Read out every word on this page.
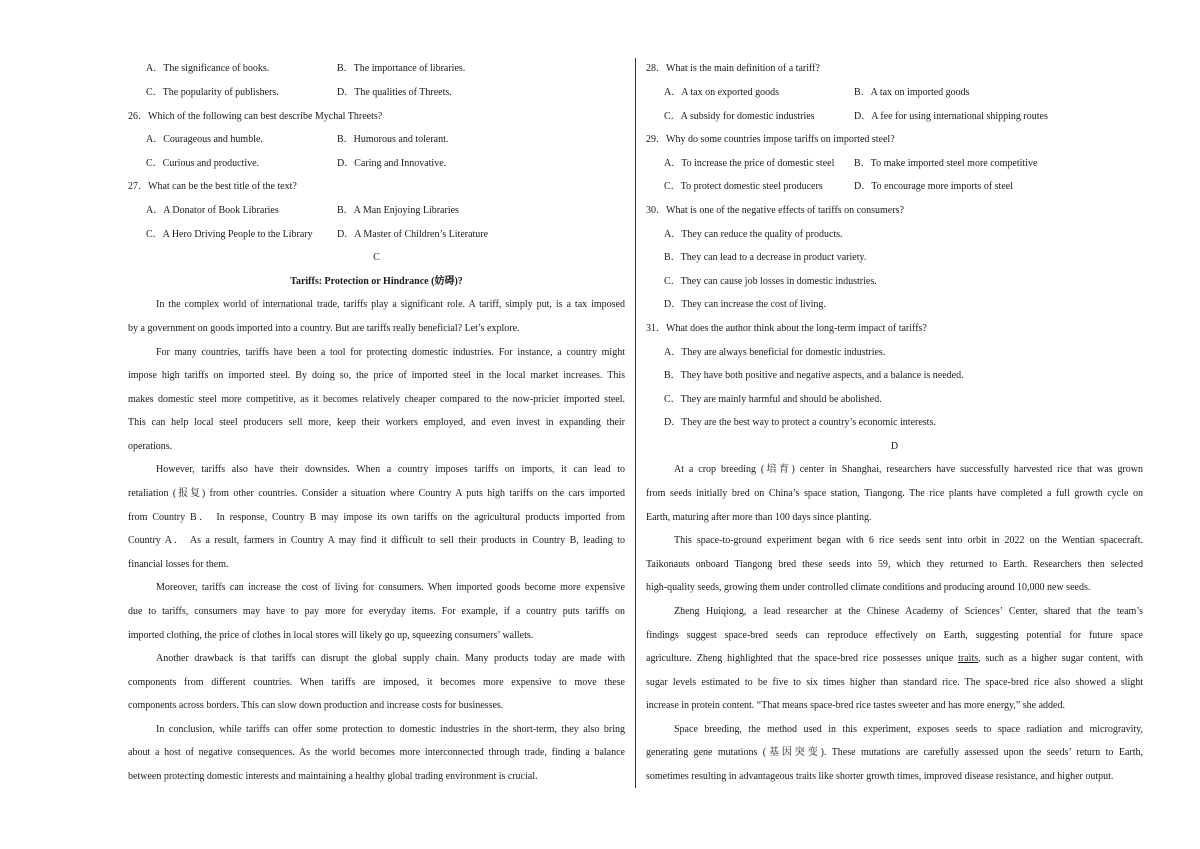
A．The significance of books.	B．The importance of libraries.
C．The popularity of publishers.	D．The qualities of Threets.
26．Which of the following can best describe Mychal Threets?
A．Courageous and humble.	B．Humorous and tolerant.
C．Curious and productive.	D．Caring and Innovative.
27．What can be the best title of the text?
A．A Donator of Book Libraries	B．A Man Enjoying Libraries
C．A Hero Driving People to the Library D．A Master of Children’s Literature
C
Tariffs: Protection or Hindrance (妨碍)?
In the complex world of international trade, tariffs play a significant role. A tariff, simply put, is a tax imposed
by a government on goods imported into a country. But are tariffs really beneficial? Let’s explore.
For many countries, tariffs have been a tool for protecting domestic industries. For instance, a country might
impose high tariffs on imported steel. By doing so, the price of imported steel in the local market increases. This
makes domestic steel more competitive, as it becomes relatively cheaper compared to the now-pricier imported steel.
This can help local steel producers sell more, keep their workers employed, and even invest in expanding their
operations.
However, tariffs also have their downsides. When a country imposes tariffs on imports, it can lead to
retaliation (报复) from other countries. Consider a situation where Country A puts high tariffs on the cars imported
from Country B． In response, Country B may impose its own tariffs on the agricultural products imported from
Country A． As a result, farmers in Country A may find it difficult to sell their products in Country B, leading to
financial losses for them.
Moreover, tariffs can increase the cost of living for consumers. When imported goods become more expensive
due to tariffs, consumers may have to pay more for everyday items. For example, if a country puts tariffs on
imported clothing, the price of clothes in local stores will likely go up, squeezing consumers’ wallets.
Another drawback is that tariffs can disrupt the global supply chain. Many products today are made with
components from different countries. When tariffs are imposed, it becomes more expensive to move these
components across borders. This can slow down production and increase costs for businesses.
In conclusion, while tariffs can offer some protection to domestic industries in the short-term, they also bring
about a host of negative consequences. As the world becomes more interconnected through trade, finding a balance
between protecting domestic interests and maintaining a healthy global trading environment is crucial.
28．What is the main definition of a tariff?
A．A tax on exported goods	B．A tax on imported goods
C．A subsidy for domestic industries	D．A fee for using international shipping routes
29．Why do some countries impose tariffs on imported steel?
A．To increase the price of domestic steel B．To make imported steel more competitive
C．To protect domestic steel producers	D．To encourage more imports of steel
30．What is one of the negative effects of tariffs on consumers?
A．They can reduce the quality of products.
B．They can lead to a decrease in product variety.
C．They can cause job losses in domestic industries.
D．They can increase the cost of living.
31．What does the author think about the long-term impact of tariffs?
A．They are always beneficial for domestic industries.
B．They have both positive and negative aspects, and a balance is needed.
C．They are mainly harmful and should be abolished.
D．They are the best way to protect a country’s economic interests.
D
At a crop breeding (培育) center in Shanghai, researchers have successfully harvested rice that was grown
from seeds initially bred on China’s space station, Tiangong. The rice plants have completed a full growth cycle on
Earth, maturing after more than 100 days since planting.
This space-to-ground experiment began with 6 rice seeds sent into orbit in 2022 on the Wentian spacecraft.
Taikonauts onboard Tiangong bred these seeds into 59, which they returned to Earth. Researchers then selected
high-quality seeds, growing them under controlled climate conditions and producing around 10,000 new seeds.
Zheng Huiqiong, a lead researcher at the Chinese Academy of Sciences’ Center, shared that the team’s
findings suggest space-bred seeds can reproduce effectively on Earth, suggesting potential for future space
agriculture. Zheng highlighted that the space-bred rice possesses unique traits, such as a higher sugar content, with
sugar levels estimated to be five to six times higher than standard rice. The space-bred rice also showed a slight
increase in protein content. “That means space-bred rice tastes sweeter and has more energy,” she added.
Space breeding, the method used in this experiment, exposes seeds to space radiation and microgravity,
generating gene mutations (基因突变). These mutations are carefully assessed upon the seeds’ return to Earth,
sometimes resulting in advantageous traits like shorter growth times, improved disease resistance, and higher output.
